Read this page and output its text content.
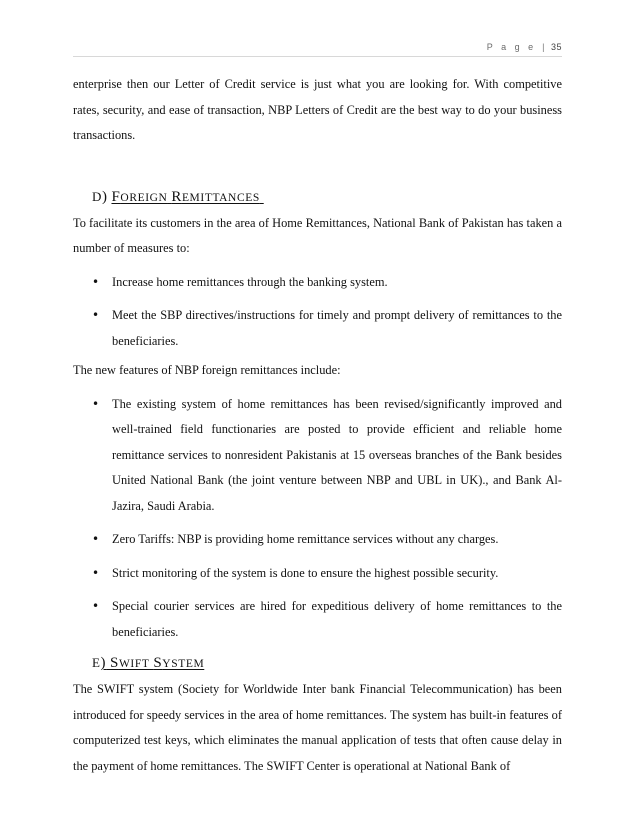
P a g e | 35

enterprise then our Letter of Credit service is just what you are looking for. With competitive rates, security, and ease of transaction, NBP Letters of Credit are the best way to do your business transactions.

D) FOREIGN REMITTANCES

To facilitate its customers in the area of Home Remittances, National Bank of Pakistan has taken a number of measures to:

• Increase home remittances through the banking system.
• Meet the SBP directives/instructions for timely and prompt delivery of remittances to the beneficiaries.

The new features of NBP foreign remittances include:

• The existing system of home remittances has been revised/significantly improved and well-trained field functionaries are posted to provide efficient and reliable home remittance services to nonresident Pakistanis at 15 overseas branches of the Bank besides United National Bank (the joint venture between NBP and UBL in UK)., and Bank Al-Jazira, Saudi Arabia.
• Zero Tariffs: NBP is providing home remittance services without any charges.
• Strict monitoring of the system is done to ensure the highest possible security.
• Special courier services are hired for expeditious delivery of home remittances to the beneficiaries.
E) SWIFT SYSTEM

The SWIFT system (Society for Worldwide Inter bank Financial Telecommunication) has been introduced for speedy services in the area of home remittances. The system has built-in features of computerized test keys, which eliminates the manual application of tests that often cause delay in the payment of home remittances. The SWIFT Center is operational at National Bank of
